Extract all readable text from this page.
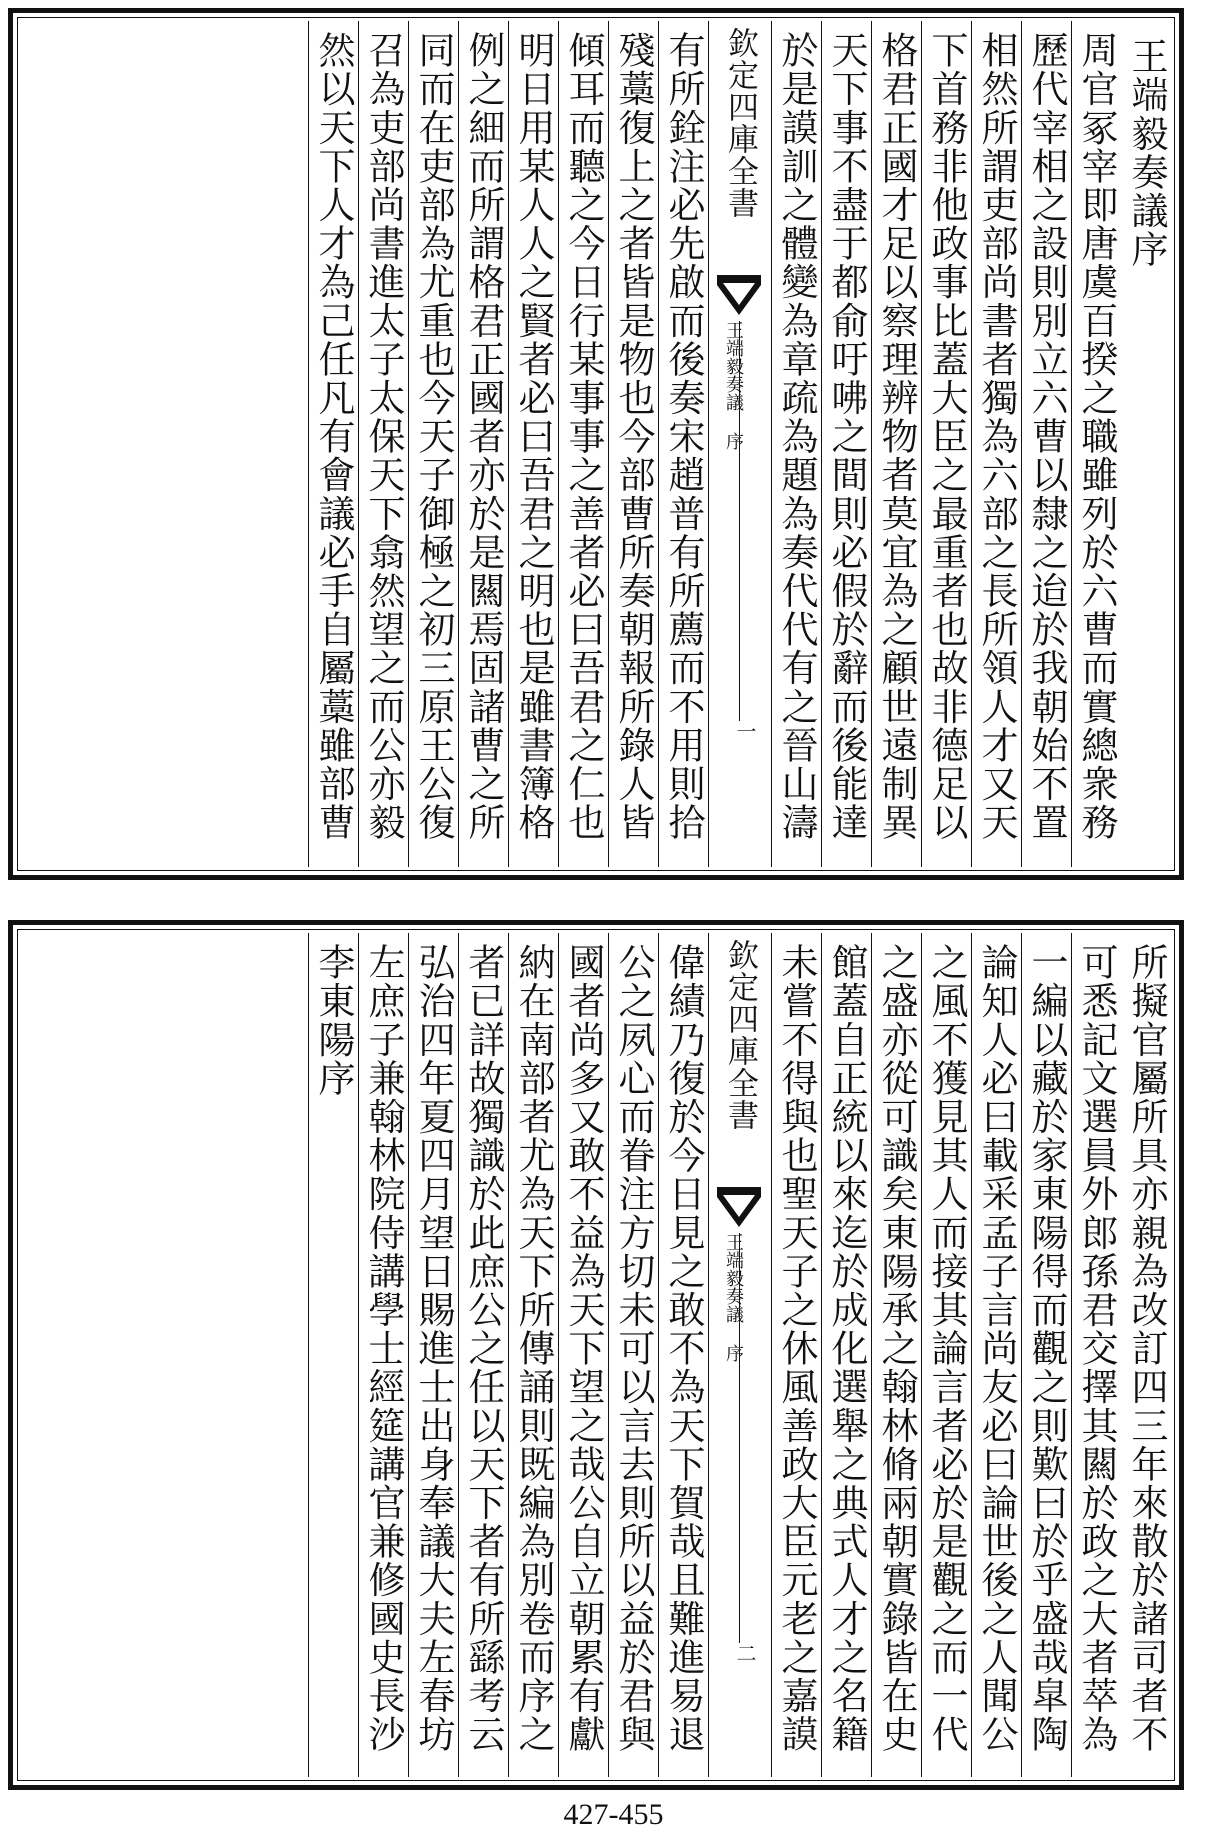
王端毅奏議序
周官冢宰即唐虞百揆之職雖列於六曹而實總衆務
歷代宰相之設則別立六曹以隸之迨於我朝始不置
相然所謂吏部尚書者獨為六部之長所領人才又天
下首務非他政事比蓋大臣之最重者也故非德足以
格君正國才足以察理辨物者莫宜為之顧世遠制異
天下事不盡于都俞吁咈之間則必假於辭而後能達
於是謨訓之體變為章疏為題為奏代代有之晉山濤
欽定四庫全書
王端毅奏議 序
一
有所銓注必先啟而後奏宋趙普有所薦而不用則拾
殘藁復上之者皆是物也今部曹所奏朝報所錄人皆
傾耳而聽之今日行某事事之善者必曰吾君之仁也
明日用某人人之賢者必曰吾君之明也是雖書簿格
例之細而所謂格君正國者亦於是闗焉固諸曹之所
同而在吏部為尤重也今天子御極之初三原王公復
召為吏部尚書進太子太保天下翕然望之而公亦毅
然以天下人才為己任凡有會議必手自屬藁雖部曹
所擬官屬所具亦親為改訂四三年來散於諸司者不
可悉記文選員外郎孫君交擇其闗於政之大者萃為
一編以藏於家東陽得而觀之則歎曰於乎盛哉皐陶
論知人必曰載采孟子言尚友必曰論世後之人聞公
之風不獲見其人而接其論言者必於是觀之而一代
之盛亦從可識矣東陽承之翰林脩兩朝實錄皆在史
館蓋自正統以來迄於成化選舉之典式人才之名籍
未嘗不得與也聖天子之休風善政大臣元老之嘉謨
欽定四庫全書
王端毅奏議 序
二
偉績乃復於今日見之敢不為天下賀哉且難進易退
公之夙心而眷注方切未可以言去則所以益於君與
國者尚多又敢不益為天下望之哉公自立朝累有獻
納在南部者尤為天下所傳誦則既編為別卷而序之
者已詳故獨識於此庶公之任以天下者有所繇考云
弘治四年夏四月望日賜進士出身奉議大夫左春坊
左庶子兼翰林院侍講學士經筵講官兼修國史長沙
李東陽序
427-455
